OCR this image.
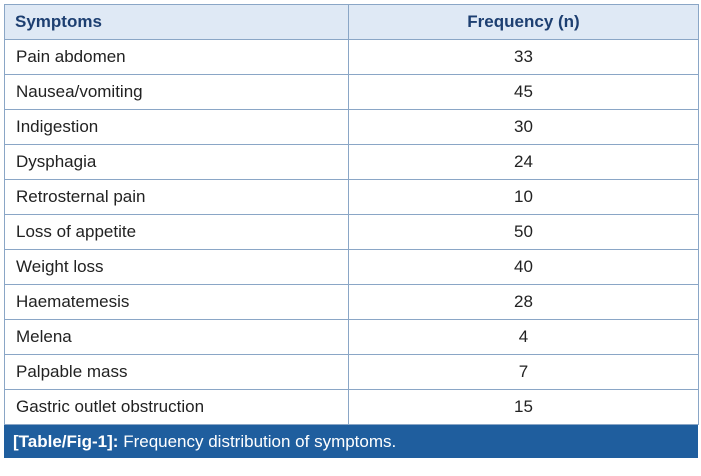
Symptoms	Frequency (n)
Pain abdomen	33
Nausea/vomiting	45
Indigestion	30
Dysphagia	24
Retrosternal pain	10
Loss of appetite	50
Weight loss	40
Haematemesis	28
Melena	4
Palpable mass	7
Gastric outlet obstruction	15
[Table/Fig-1]: Frequency distribution of symptoms.
